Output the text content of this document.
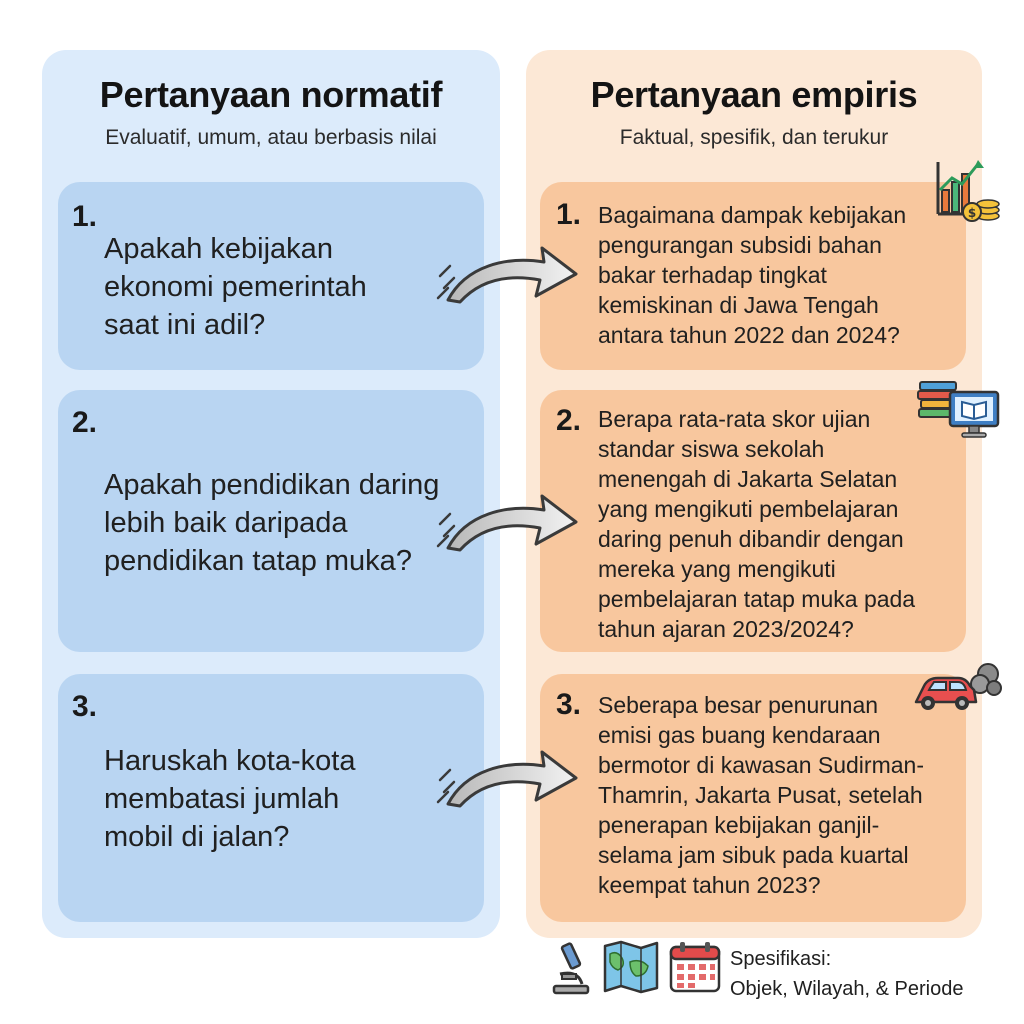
Pertanyaan normatif
Evaluatif, umum, atau berbasis nilai
Pertanyaan empiris
Faktual, spesifik, dan terukur
1.
Apakah kebijakan
ekonomi pemerintah
saat ini adil?
2.
Apakah pendidikan daring
lebih baik daripada
pendidikan tatap muka?
3.
Haruskah kota-kota
membatasi jumlah
mobil di jalan?
1. Bagaimana dampak kebijakan
pengurangan subsidi bahan
bakar terhadap tingkat
kemiskinan di Jawa Tengah
antara tahun 2022 dan 2024?
2. Berapa rata-rata skor ujian
standar siswa sekolah
menengah di Jakarta Selatan
yang mengikuti pembelajaran
daring penuh dibandir dengan
mereka yang mengikuti
pembelajaran tatap muka pada
tahun ajaran 2023/2024?
3. Seberapa besar penurunan
emisi gas buang kendaraan
bermotor di kawasan Sudirman-
Thamrin, Jakarta Pusat, setelah
penerapan kebijakan ganjil-
selama jam sibuk pada kuartal
keempat tahun 2023?
$
Spesifikasi:
Objek, Wilayah, & Periode
